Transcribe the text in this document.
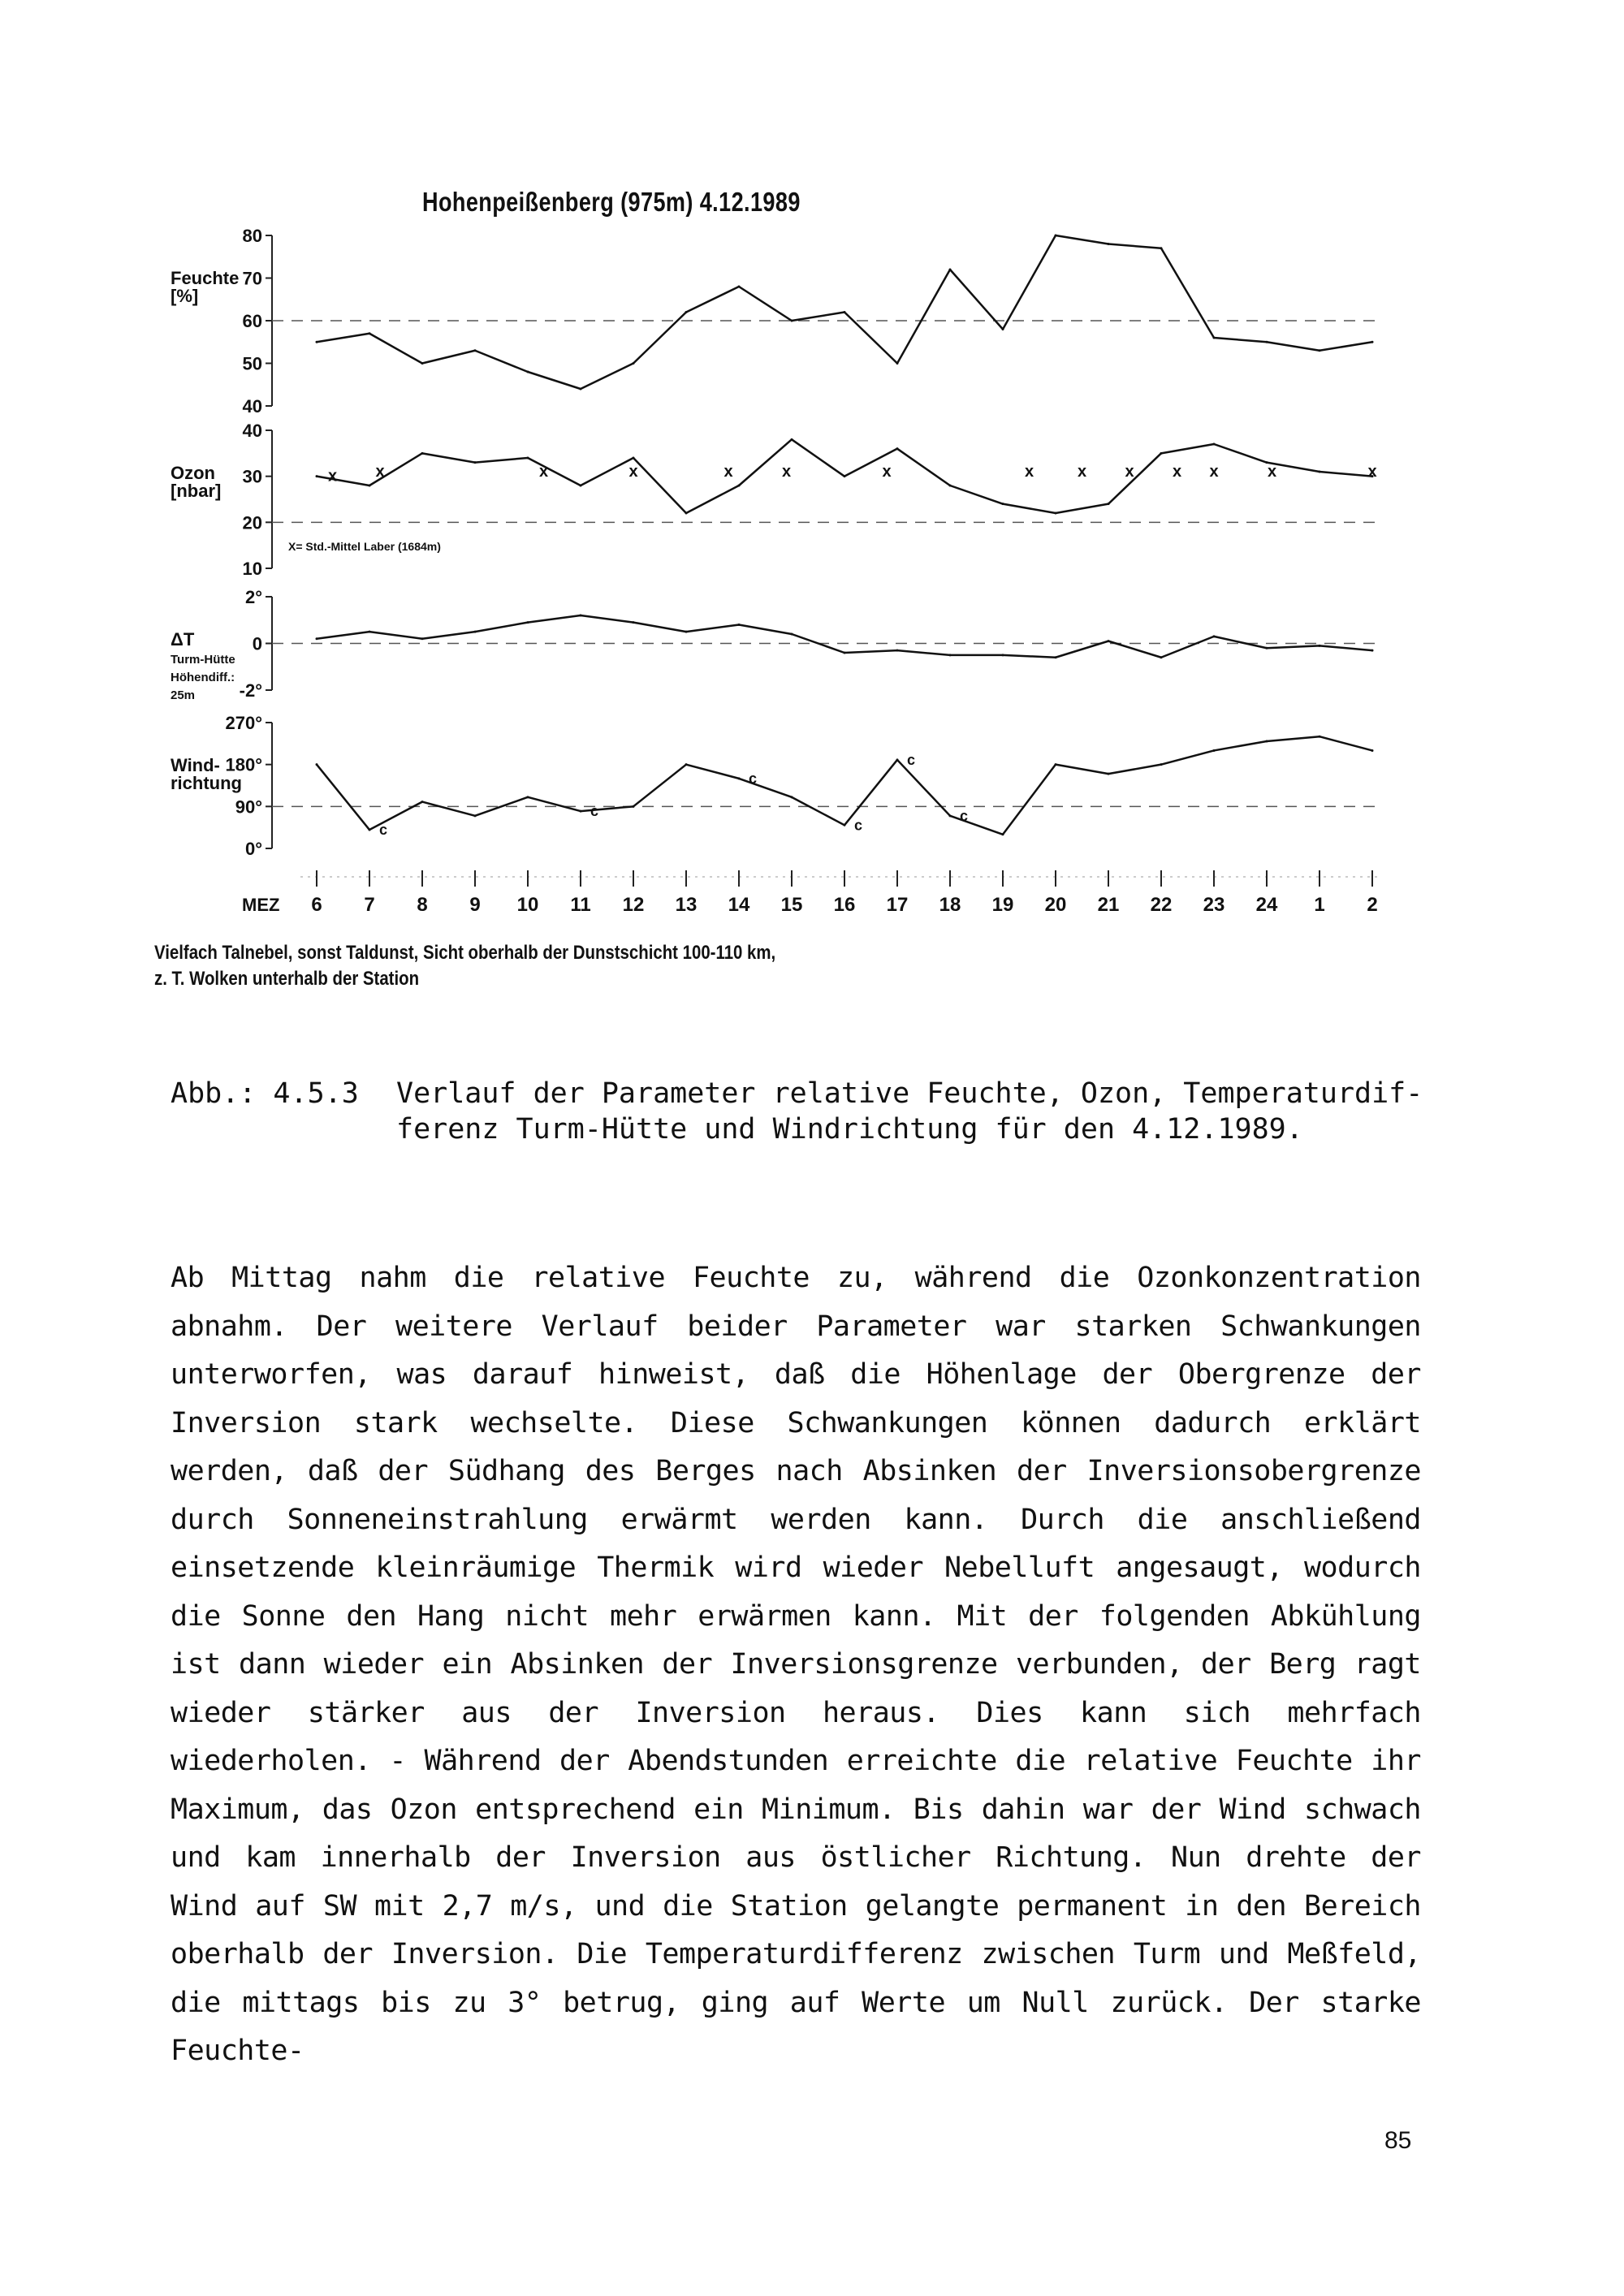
80
70
60
50
40
Feuchte
[%]
40
30
20
10
Ozon
[nbar]
x x	x	x	x	x	x	x	x x x x	x	x
X= Std.-Mittel Laber (1684m)
2°
0
-2°
ΔT
Turm-Hütte
Höhendiff.:
25m
270°
180°
90°
0°
Wind-
richtung
c
c
c
c
c
c
MEZ 6 7 8 9 10 11 12 13 14 15 16 17 18 19 20 21 22 23 24 1 2
Hohenpeißenberg (975m) 4.12.1989
Vielfach Talnebel, sonst Taldunst, Sicht oberhalb der Dunstschicht 100-110 km,
z. T. Wolken unterhalb der Station
Abb.: 4.5.3 Verlauf der Parameter relative Feuchte, Ozon, Temperaturdif-
ferenz Turm-Hütte und Windrichtung für den 4.12.1989.
Ab Mittag nahm die relative Feuchte zu, während die Ozonkonzentration abnahm. Der weitere Verlauf beider Parameter war starken Schwankungen unterworfen, was darauf hinweist, daß die Höhenlage der Obergrenze der Inversion stark wechselte. Diese Schwankungen können dadurch erklärt werden, daß der Südhang des Berges nach Absinken der Inversionsobergrenze durch Sonneneinstrahlung erwärmt werden kann. Durch die anschließend einsetzende kleinräumige Thermik wird wieder Nebelluft angesaugt, wodurch die Sonne den Hang nicht mehr erwärmen kann. Mit der folgenden Abkühlung ist dann wieder ein Absinken der Inversionsgrenze verbunden, der Berg ragt wieder stärker aus der Inversion heraus. Dies kann sich mehrfach wiederholen. - Während der Abendstunden erreichte die relative Feuchte ihr Maximum, das Ozon entsprechend ein Minimum. Bis dahin war der Wind schwach und kam innerhalb der Inversion aus östlicher Richtung. Nun drehte der Wind auf SW mit 2,7 m/s, und die Station gelangte permanent in den Bereich oberhalb der Inversion. Die Temperaturdifferenz zwischen Turm und Meßfeld, die mittags bis zu 3° betrug, ging auf Werte um Null zurück. Der starke Feuchte-
85
